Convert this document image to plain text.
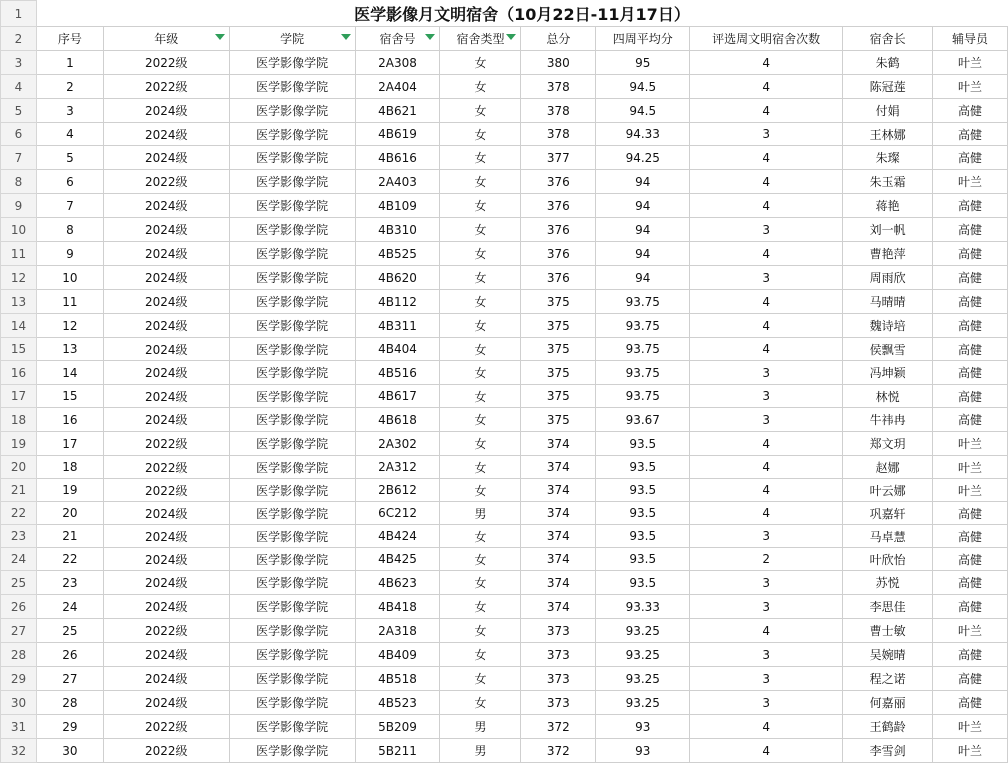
1	医学影像月文明宿舍（10月22日-11月17日）									
2	序号	年级	学院	宿舍号	宿舍类型	总分	四周平均分	评选周文明宿舍次数	宿舍长	辅导员
3	1	2022级	医学影像学院	2A308	女	380	95	4	朱鹤	叶兰
4	2	2022级	医学影像学院	2A404	女	378	94.5	4	陈冠莲	叶兰
5	3	2024级	医学影像学院	4B621	女	378	94.5	4	付娟	高健
6	4	2024级	医学影像学院	4B619	女	378	94.33	3	王林娜	高健
7	5	2024级	医学影像学院	4B616	女	377	94.25	4	朱璨	高健
8	6	2022级	医学影像学院	2A403	女	376	94	4	朱玉霜	叶兰
9	7	2024级	医学影像学院	4B109	女	376	94	4	蒋艳	高健
10	8	2024级	医学影像学院	4B310	女	376	94	3	刘一帆	高健
11	9	2024级	医学影像学院	4B525	女	376	94	4	曹艳萍	高健
12	10	2024级	医学影像学院	4B620	女	376	94	3	周雨欣	高健
13	11	2024级	医学影像学院	4B112	女	375	93.75	4	马晴晴	高健
14	12	2024级	医学影像学院	4B311	女	375	93.75	4	魏诗培	高健
15	13	2024级	医学影像学院	4B404	女	375	93.75	4	侯飘雪	高健
16	14	2024级	医学影像学院	4B516	女	375	93.75	3	冯坤颖	高健
17	15	2024级	医学影像学院	4B617	女	375	93.75	3	林悦	高健
18	16	2024级	医学影像学院	4B618	女	375	93.67	3	牛祎冉	高健
19	17	2022级	医学影像学院	2A302	女	374	93.5	4	郑文玥	叶兰
20	18	2022级	医学影像学院	2A312	女	374	93.5	4	赵娜	叶兰
21	19	2022级	医学影像学院	2B612	女	374	93.5	4	叶云娜	叶兰
22	20	2024级	医学影像学院	6C212	男	374	93.5	4	巩嘉轩	高健
23	21	2024级	医学影像学院	4B424	女	374	93.5	3	马卓慧	高健
24	22	2024级	医学影像学院	4B425	女	374	93.5	2	叶欣怡	高健
25	23	2024级	医学影像学院	4B623	女	374	93.5	3	苏悦	高健
26	24	2024级	医学影像学院	4B418	女	374	93.33	3	李思佳	高健
27	25	2022级	医学影像学院	2A318	女	373	93.25	4	曹士敏	叶兰
28	26	2024级	医学影像学院	4B409	女	373	93.25	3	吴婉晴	高健
29	27	2024级	医学影像学院	4B518	女	373	93.25	3	程之诺	高健
30	28	2024级	医学影像学院	4B523	女	373	93.25	3	何嘉丽	高健
31	29	2022级	医学影像学院	5B209	男	372	93	4	王鹤龄	叶兰
32	30	2022级	医学影像学院	5B211	男	372	93	4	李雪剑	叶兰
